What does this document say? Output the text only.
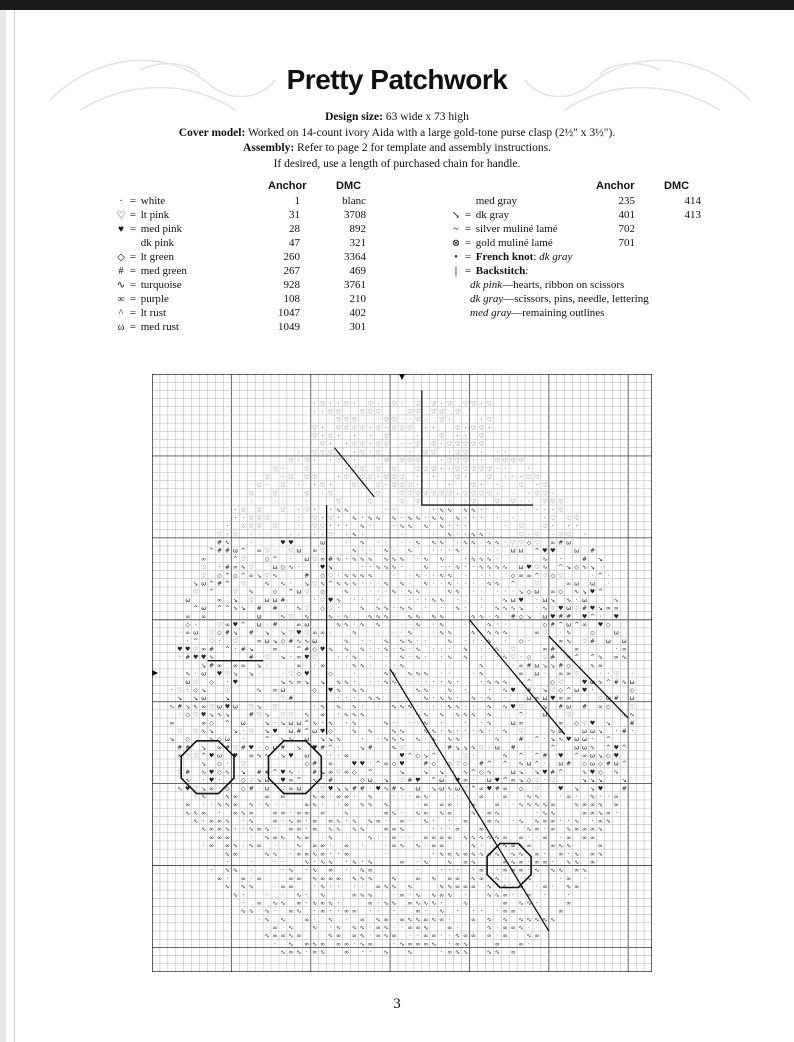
Pretty Patchwork
Design size: 63 wide x 73 high
Cover model: Worked on 14-count ivory Aida with a large gold-tone purse clasp (2½" x 3½").
Assembly: Refer to page 2 for template and assembly instructions.
If desired, use a length of purchased chain for handle.
Anchor	DMC	Anchor	DMC
· = white	1	blanc
♡ = lt pink	31	3708
♥ = med pink	28	892
dk pink	47	321
◇ = lt green	260	3364
# = med green	267	469
∿ = turquoise	928	3761
∞ = purple	108	210
^ = lt rust	1047	402
ω = med rust	1049	301
med gray	235	414
↘ = dk gray	401	413
~ = silver muliné lamé	702
⊗ = gold muliné lamé	701
• = French knot: dk gray
| = Backstitch:
dk pink—hearts, ribbon on scissors
dk gray—scissors, pins, needle, lettering
med gray—remaining outlines
· ♡ · · ♡ · ♡ · · ♡ · ♡ ♡ · ♡ ♡ ♡ · ♡
· · ♡ ♡	♡ ♡ ♡	♡ ♡ ♡ ♡ ♡
♡ ♡ ♡	· ♡ ♡ · · ♡ · ♡ ·	· ♡
♡ · ♡ ♡ ♡ ♡ · ♡ · ♡ ♡ ♡ · ·	♡ · ♡ ♡ ·
♡ · ♡ · · · ♡	·	♡ · · ♡
♡ · · ♡ ♡ · ♡ ♡ · · ♡ ♡ · ♡ ♡ ♡ ♡ ♡
· ♡ ♡ ♡	· ♡ · ♡	· ♡ ♡ · ♡ ♡ · · ·
♡ · ♡ · · ♡ ♡ ·	· ♡ ♡ ♡ ♡	· ♡ ♡ ♡ · · ♡ ♡ ♡ ♡
♡ ·	♡	· ♡ ♡ ♡ ♡	♡ ♡ ♡ · · ♡ ♡ ♡ ♡ ♡ · ·	·
♡ · ♡ ♡ ♡	· ♡ ♡ ♡ · ♡ ♡ ♡ · ·	♡ ·	♡ · · · ♡ ♡
♡ · ♡ · · ♡ ·	♡ ♡ ♡ · ♡ ♡ ♡ ·	·	♡ · ·	♡ · ♡
♡	♡ ·	♡ · ♡	♡	♡ ♡ ♡ ♡ ♡ ♡ ♡ · ♡ ♡ ♡ ♡ · · · ♡ ♡ ·
·	· ·	·	♡	♡ · ♡ ♡	· · ♡	♡ ♡ · · ♡ ♡ ♡
· ♡ ♡	♡ · ♡ · · ∿ ∿	· ·	· ∿ ∿ ∿ ∿ ·	· · · · · ♡
· · ♡ ♡ ♡	· ♡ · ♡ · ∿ · ∿ ∿ ∿ · ∿ ∿ · ∿ ∿ ∿ · · · · ·	· ♡ ♡ ♡
· ♡ ♡ ♡ ♡	· ♡ ♡ · · · ∿ ·	· ∿ ∿ ∿ ∿ · · ·	· ♡	♡ · · ·
♡ · ♡ · · · · · · · · ♡ · ∿ ·	· ·	· ∿ · · ∿ ∿ ·	♡ · ♡ · ♡ ♡ ·
# ∿	·	♥ ♥	ω	· ∿ · · · · ∿ ∿ ∿ · ∿ ∿ ∿ ∿ · ♡ ♡ ◇ ♡ ∞ # ω
^ # # ω ^ ∞ ♡ · ♡ ω ∞ ♡	∿ · · ∿ · ∿	· · · ∿	· · ω ω ^ ♥ ♥	ω #
∞	^ ♡	◇ ^ · ω ♡ ∞ # ∿ · ∿ ∿ ∿ ∿ ∿ ∿ · ∿ ∿	· ∿ ∿ ∿ ·	∿ ·	# ↘
♡ · # ∞ ∿ ♡	ω ◇ ∿ ·	♥ ↘	· · ∿ ∿ ∿ ·	∿ · · ∿ · · ∿ ∿ ∿ ∿ ω ♥ ♡ ∿ ^ ↘ ◇ ∿ ↘
♡ ◇ ^ ◇ ^ ∞ ↘ ♡ ∿	# ◇ ♡ · ∿ ∿ ∿ ∿	· · ∿ · · ∿ ∿ · · ·	◇ ∞ ∞ ^ ♡ ◇ ♡	· ^ ·
↘ ω ^ # ^ ♡	∿ ∿ · ↘ ♡ ∿ ^ ∿ ∿ ∿ · · · ∿ ∿ · ∿ · · ∿ · · · ∿ ∿ ^	♡	∞ ω ω ·
♡ ^	♡ ∿	◇ ^ ω ♡ ◇	∿	· · · ∿ · ∿ ∿	∿ ∿ · · · · · ↘ ◇ ω ∞ ◇ ∿ ↘ ♥ ^
ω	∞ ↘ ♡ ω ω #	· ♡ ♥ ∿ · · ·	· · · ∿ ∿ ·	·	∿ ω ♥ · ω ↘ ∿ · ω	∿
^ ω ^ ^ ∿ ↘ # #	∿ ♡ ◇ ♡ ·	∿ ∿ ∿ · ∿ ∿ · · ∿ · · ∿ ∿ ∿ ↘ · ∿ ♡ ♥ ω ♡ # ♥ ↘ ∞ ∞
∞ ∞	ω	∿ ♡ ∿	∿ · ∿ · ∿ ∿ ∿ · ∿ ∿ ∿ ∿	· ∿ ∿ · ∿ # ◇ ↘ ω ♥ # # ♥ ^ · ♥
◇ ·	♡ ∞ ♥ ^ ω · #	∞ ω	∿ ∿ · ∿ ∿	· · ∿ · ∿	· ∿ ∿ · ·	◇ # ^ ω ^ ∞ ♥ ◇
· ∞ ω ♡ ◇ # ↘ # ↘ ↘ ♡ ♥ ♡ ∞ ∞ ·	∿	· · · ∿	· ∿ ∿	∿ ∿ ∿ ∿	∞ ♡ · ∿	◇	ω
· ^ ♡ · ♡	∞ ω ↘ ◇ # ∿ ∿ ω	∿ · · ∿ ∿ ∿ · ·	∿ · · · ∿ · ◇ ·	∞ ∿ ♡ # ω ω
♥ ♥ ♡ ∞ # ^ · # ↘	∞	^ # ◇ ♥ ∿ ∿ ∿ · · ∿ · ∿ · ∿ · · · ∿ · · ∿ ♡	∞ # ♡ ∞	· ∞
· # ♥ ♥ ∿	# ♡ ↘ · ∞ ♥ ♡	· · ∿ · · ∿ · ∿ · · ∿ ∿ · · ∿ ♡ · ◇ ♡ # ∞ ^ ^ ∿ ∞ ∿
↘ # ∞ ∞ ∞ ↘ ·	∞ · ∞	· ∿ ∿ · · · ∿	·	∿ · · · ∞ # ω ↘ ↘ # ◇ · ∿ ∞
∿ · ω ♥ ♡ ↘ ↘ ·	· ♡ ◇ ♥	◇	· · ∿ ∿ ∿ ∿ ∿ · ·	· ∿	∞ ω · ∞ ∞ ♡	· · ♡ ·
ω ♡ ◇ · ♥	↘ ∿ ∞ ↘ ↘ ∿ ∿ · · · ∿ ∿ · · · · · ∿ ·	· ∿ ∿ ∿ ∿ ^	◇ ♡	♥ ω ∿ ^ # ∿ ω
· ♡ · ◇ ↘	♡	∿ ∞ ω	◇ ♥ ∿ ∿ ∿	· · · ∿ ∿	∿ ·	· ∿ ♥ # ↘ ♡ ◇ ^ ω ♥ ·	◇
↘ ↘ ω	↘	♡ #	· · · ∿ ∿ · · ∿ · ∿ ∿ · ∿ · ∿ ·	ω ∞ ω ♥ ∞ ∞	♡ ω # ω
∿ # ↘ ∿ ∞ ♡ ω ♥ ω ♡ ↘ · ♡	· ∿ ∿ ∿ · · ∿ ∿ ∿ · · · · ∿ ∿ · · ∿ ∿ ♥ ♡ · ↘ # ω # ∞ ◇ · ♡
· ◇ ♡ ♥ ↘ ∿ ↘	# ♡ ↘ ♡ ♡ ∿ ∞ · ∿ ∿ ∿	· ∿ ∿ ∿ ∿ ∿ ∿ ∿ · ^	ω	♡	∿ ∿
∞	∞ ◇ ^ ω	↘ · ↘ ω ω ^ ∿ · ∿ · ∿	∿ · · · ∿ ·	· · ∿	ω ∞	∞ ◇ ♡ ♥ ↘	#
♡ ♡ ∿ ↘	↘ · ♡ ↘ ♥ ω # ^ ω ♥ ◇	∿ ∿	∿ ∿	∿ ∿ · ∿ · · · ∿ · · ∿ ♡	∿ ω	ω ω ↘ · # ·
↘ ◇	∿ ◇ ω ·	^ ↘ ∿ ω ↘ ↘ ∿	· · ∿ ∿ ∿ ∿ · ∿ ∿ ∿	∿	# ^ · ↘ ∿ ♥ ω ω · ^
# # ↘ ∞ # ♡ # ♥ · ◇ ω # ↘ ♥ # ^ ·	↘ #	∿ ♡	♡ # ↘ ↘ ∿ ♡ · ω # ·	^	ω ω ∿ ^ ♥ ^
∞ ♡ ♡ ^ ♥ ω ♥ ∞ ∿ ∿ · ↘ ♥ ω	· · ∞	♥ ^ ◇ ↘ ^ ·	♡ ·	∿ ^ ^ # ♥ ^ ∞ ω ↘ ◇ ♥
↘ ◇ · ♡	◇ # ∞	♥ ♥ · ^ ∞ ◇ ♥	# ◇ ◇ ♡ ◇ # ^ ^ ∿ ω ^ · ω # ◇ ω ◇ # ω ^
♡ # ∿ ♥ ◇ ∿ ↘ # # ^ ♥ ∿ · # ↘ ∞ ♡ ∞ ◇ ^	↘	↘ ↘	∿ ^ ◇ ∿	ω ↘ ↘ ♥ # ^	∿ ♥ ◇ ∿
∿ · ♥ ·	◇ ♡ ↘ ω ♥ ∞ ^ ∿ #	◇ ω ↘ ♡ # ♥ ^ ω ♥ ∞ · ω ♥ ^ ∞ ↘ ◇ ♡ · ♡	↘ ↘ ↘	↘
∿ ♥ ♡ ↘ ∞ · ◇ ◇ # · ω · ♡ ∞ ω	♡ ♥ ↘ ↘ # # · ♥ ∿ # ∿ ω ↘ ω ∿ ω ♡ ^ ∞ ♥ # ∞ ◇ ♡	♥ ↘ ↘ ♥	#
· ∿	∿ ∞	∞ ∞	∿ ∞ · ∞ ∞ · ∿	· · · ∞ ∿	· ·	∞ · ∞	∿ ∿	· ∞ · ∿ · · ∞
∞ · · ∿ ∿ ∞ ∿ · ∿ · ·	∞ ∿ · · ∞ ∿ ∿ ∿	· ∞ ∞ ∞ · ∞	∞ · · ∿ ∿ ∿ ∿ ∞	∿ ∞ ∞ ∿ ∞
∿ ∿ ∞ · ∞ ∿ ∞	∞ ∞ · ∞ ∞ ∞	∿	∞ ∿ · ∿ ∞ ∿ ∞	∿ ∞ ∿	· ∿ ∿	∞ ∞ ∿ ∞ ·
∿ · ∞ ∞ ∿ · ∿	∞ · ∿ ∞ · ∞ ∞ ∿ · ∿ ∿ ∞ · ∞ · ∿ · · ∞	∞ ∿ · ∿ ∿ ∞ ∞ · · ∿ · ∞ ∿
∿ ∞ ∞ ∿ · · ∿ ∞ ∿ · ∞ ∞ · ∞ ∿ ∿ ∿ ∿	∞ ∞ ∿	· · · ∞	∞	∿ ∞ · ∞ ∿ ∞ ∞ ∞ ∿
∞ ∞ ∞	· ∿ ∞ ∿ ∿ ∞ · ∿ ·	∿ · · ∞ · · ∞ ∞ ∞ ∞ ∿ ∿ ∿ ∿ ∿ ∞ ∞ · · ∞ · ∞ ∞ ∞
· ∞ ∞ ∿ · ∿ ∞ · · ∿ ∞ ∞ · ∞ ·	· ∞ ∿ ∿ · ∞ ∞	· ∿ ·	∿ ∞ ∿ ∞	∞ ∿ ∿	∞
∿ ∞	∿ ∿ · ∞ ∞ ∿ ∞ · · ∞	·	· ∿ ∞ ∿ ∞ ∿ ∿ ∞ ∿ ∿ ∿ ∞ · ∞ · ∿ ∞ ∿
·	·	· ·	∿ · ∿ ∿ · ∿ · ∿	∞ · ∿	∿ ∞ ∿	∞ ∿ ∞ · ∞ ∞ · ∿ ∿ ∞
· ∿ ∿ ·	· ∿ · ∿ ∞ · ∿ ∞	·	· · · · ∞ · ∞ ∞ ∞ · ∿ ∿ ∿ ∞ ∿
∞ · ∞ · ∞	∞ ∞ ∿ ∞ ∞ ∞ ∿ ∿ ∿	∿	∞ ∿ ∞ ∞ ∿ ∞ ∿ · · ∿	· ∞ ·
∿ ∿ ∿	· ∞ ∞	· ∿ · · · · ∞ ∿ ∿ ∿	∿ ∿ ∞ ∞ ∞ ∿ · ∿ · ∞ · ∞ · ∿ ∞
∿ ·	· · ∿ · ∿	∞ ∿ ∿	· ∞ · ∿ ∿ ∞ ∿ ·	∿ ∿ ∞ · · ∞ ·	·
· ∞ ∿ ∿ ∞ · ∿ ∞ ∿ ·	∞ · ∿ ∿ ∞ ∿ ∿ ∿ ·	∿	∞ ∿ ∿ ·	∞
∿ ∿ ∿ · ∞ ∿ · ∞ · · ∞ ∞ · · · · ∞ · ∿ · · · · ∞ ∞ ·	∞
· ∿ ∿	∞ · ∿ · ∞ ∿ ∞ · ∞ ∿ ∿ ∞ ∿ ∞ ·	∞ ∿ ∿ ∿ ∿ ∿ ∿ ∿
· ∞ ∿	∿ · ∿ ∿ ∿ · ∞ ∿ · · ∞ ∞ ∿	∞ ·	∿ · ∞ ∞ ∿ ·
∿ ∞ ∞ ∿ ∞	∿ ∞ ∞ ∿ · ∞ ∿ ∞ · · ∞ ∞ · · ∿ ∞ ∞ ∞ · ∞	∿ ∞
· ∿ ∞ ∿ ∞ ∞ ∞ · ∿ ∞	· ∿ ∞ ∞ ∞ ∿ · ∞ ∿	∞	∞ ·
∿ ∞ ∿ · ∞ ∿	∞ · · ∿	∿	· ∞ ∿ ∿	∿ ∿ ∞
3
